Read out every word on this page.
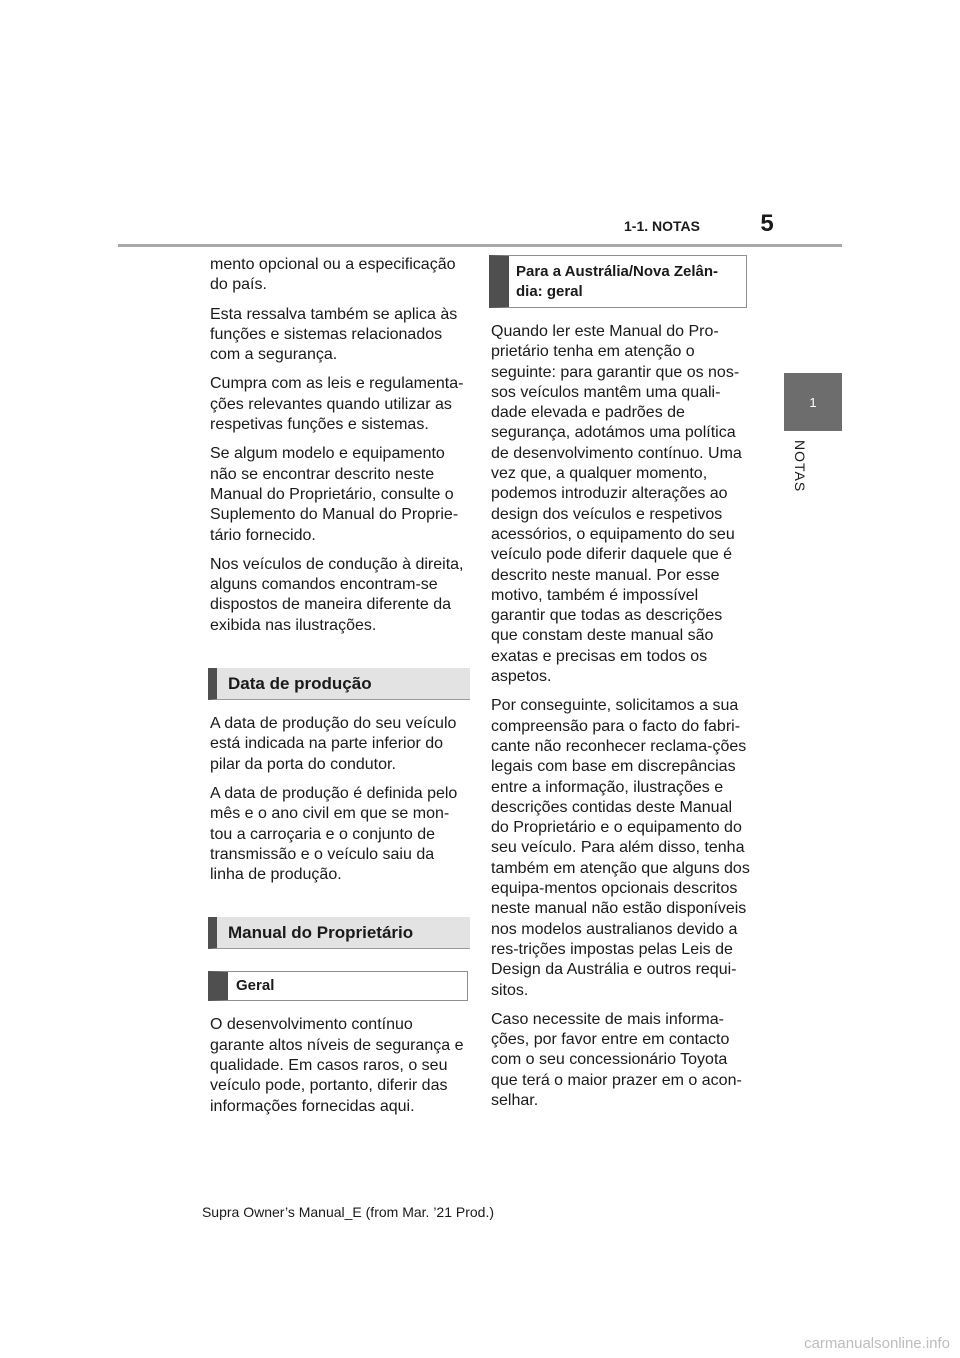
1-1. NOTAS	5
1
NOTAS

mento opcional ou a especificação do país.

Esta ressalva também se aplica às funções e sistemas relacionados com a segurança.

Cumpra com as leis e regulamenta-ções relevantes quando utilizar as respetivas funções e sistemas.

Se algum modelo e equipamento não se encontrar descrito neste Manual do Proprietário, consulte o Suplemento do Manual do Proprie-tário fornecido.

Nos veículos de condução à direita, alguns comandos encontram-se dispostos de maneira diferente da exibida nas ilustrações.

Data de produção

A data de produção do seu veículo está indicada na parte inferior do pilar da porta do condutor.

A data de produção é definida pelo mês e o ano civil em que se mon-tou a carroçaria e o conjunto de transmissão e o veículo saiu da linha de produção.

Manual do Proprietário
Geral

O desenvolvimento contínuo garante altos níveis de segurança e qualidade. Em casos raros, o seu veículo pode, portanto, diferir das informações fornecidas aqui.

Para a Austrália/Nova Zelân-dia: geral

Quando ler este Manual do Pro-prietário tenha em atenção o seguinte: para garantir que os nos-sos veículos mantêm uma quali-dade elevada e padrões de segurança, adotámos uma política de desenvolvimento contínuo. Uma vez que, a qualquer momento, podemos introduzir alterações ao design dos veículos e respetivos acessórios, o equipamento do seu veículo pode diferir daquele que é descrito neste manual. Por esse motivo, também é impossível garantir que todas as descrições que constam deste manual são exatas e precisas em todos os aspetos.

Por conseguinte, solicitamos a sua compreensão para o facto do fabri-cante não reconhecer reclama-ções legais com base em discrepâncias entre a informação, ilustrações e descrições contidas deste Manual do Proprietário e o equipamento do seu veículo. Para além disso, tenha também em atenção que alguns dos equipa-mentos opcionais descritos neste manual não estão disponíveis nos modelos australianos devido a res-trições impostas pelas Leis de Design da Austrália e outros requi-sitos.

Caso necessite de mais informa-ções, por favor entre em contacto com o seu concessionário Toyota que terá o maior prazer em o acon-selhar.

Supra Owner’s Manual_E (from Mar. ’21 Prod.)
carmanualsonline.info
